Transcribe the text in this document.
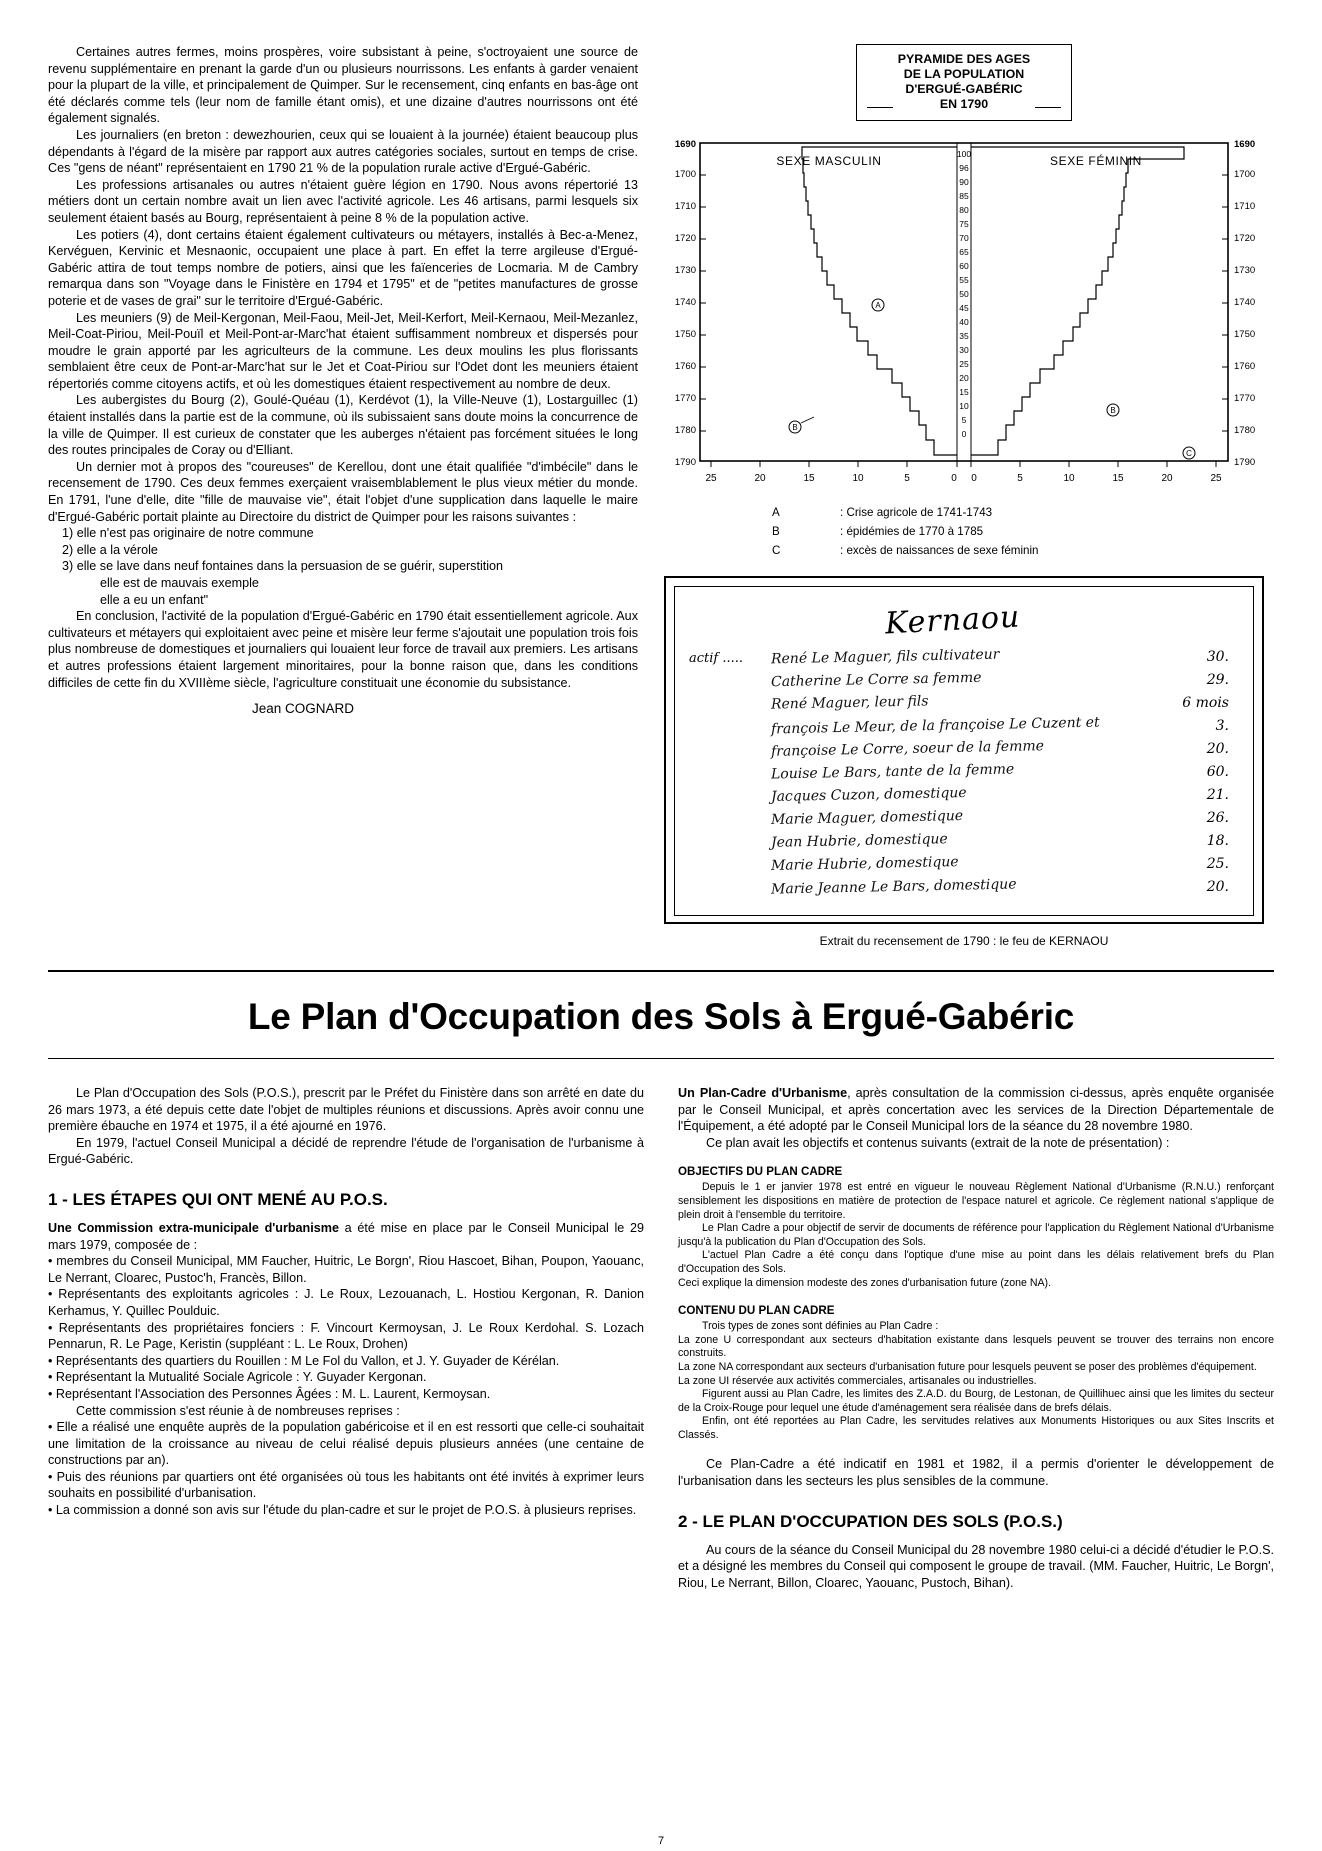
Certaines autres fermes, moins prospères, voire subsistant à peine, s'octroyaient une source de revenu supplémentaire en prenant la garde d'un ou plusieurs nourrissons. Les enfants à garder venaient pour la plupart de la ville, et principalement de Quimper. Sur le recensement, cinq enfants en bas-âge ont été déclarés comme tels (leur nom de famille étant omis), et une dizaine d'autres nourrissons ont été également signalés.

Les journaliers (en breton : dewezhourien, ceux qui se louaient à la journée) étaient beaucoup plus dépendants à l'égard de la misère par rapport aux autres catégories sociales, surtout en temps de crise. Ces "gens de néant" représentaient en 1790 21 % de la population rurale active d'Ergué-Gabéric.

Les professions artisanales ou autres n'étaient guère légion en 1790. Nous avons répertorié 13 métiers dont un certain nombre avait un lien avec l'activité agricole. Les 46 artisans, parmi lesquels six seulement étaient basés au Bourg, représentaient à peine 8 % de la population active.

Les potiers (4), dont certains étaient également cultivateurs ou métayers, installés à Bec-a-Menez, Kervéguen, Kervinic et Mesnaonic, occupaient une place à part. En effet la terre argileuse d'Ergué-Gabéric attira de tout temps nombre de potiers, ainsi que les faïenceries de Locmaria. M de Cambry remarqua dans son "Voyage dans le Finistère en 1794 et 1795" et de "petites manufactures de grosse poterie et de vases de grai" sur le territoire d'Ergué-Gabéric.

Les meuniers (9) de Meil-Kergonan, Meil-Faou, Meil-Jet, Meil-Kerfort, Meil-Kernaou, Meil-Mezanlez, Meil-Coat-Piriou, Meil-Pouïl et Meil-Pont-ar-Marc'hat étaient suffisamment nombreux et dispersés pour moudre le grain apporté par les agriculteurs de la commune. Les deux moulins les plus florissants semblaient être ceux de Pont-ar-Marc'hat sur le Jet et Coat-Piriou sur l'Odet dont les meuniers étaient répertoriés comme citoyens actifs, et où les domestiques étaient respectivement au nombre de deux.

Les aubergistes du Bourg (2), Goulé-Quéau (1), Kerdévot (1), la Ville-Neuve (1), Lostarguillec (1) étaient installés dans la partie est de la commune, où ils subissaient sans doute moins la concurrence de la ville de Quimper. Il est curieux de constater que les auberges n'étaient pas forcément situées le long des routes principales de Coray ou d'Elliant.

Un dernier mot à propos des "coureuses" de Kerellou, dont une était qualifiée "d'imbécile" dans le recensement de 1790. Ces deux femmes exerçaient vraisemblablement le plus vieux métier du monde. En 1791, l'une d'elle, dite "fille de mauvaise vie", était l'objet d'une supplication dans laquelle le maire d'Ergué-Gabéric portait plainte au Directoire du district de Quimper pour les raisons suivantes :

1) elle n'est pas originaire de notre commune

2) elle a la vérole

3) elle se lave dans neuf fontaines dans la persuasion de se guérir, superstition

elle est de mauvais exemple

elle a eu un enfant"

En conclusion, l'activité de la population d'Ergué-Gabéric en 1790 était essentiellement agricole. Aux cultivateurs et métayers qui exploitaient avec peine et misère leur ferme s'ajoutait une population trois fois plus nombreuse de domestiques et journaliers qui louaient leur force de travail aux premiers. Les artisans et autres professions étaient largement minoritaires, pour la bonne raison que, dans les conditions difficiles de cette fin du XVIIIème siècle, l'agriculture constituait une économie du subsistance.

Jean COGNARD

PYRAMIDE DES AGES
DE LA POPULATION
D'ERGUÉ-GABÉRIC
EN 1790
SEXE MASCULIN	SEXE FÉMININ
100
96
90
85
80
75
70
65
60
55
50
45
40
35
30
25
20
15
10
5
0
1690
1700
1710
1720
1730
1740
1750
1760
1770
1780
1790
1690
1700
1710
1720
1730
1740
1750
1760
1770
1780
1790
25	20	15	10	5	0 0	5	10	15	20	25
A
B
B
C
A	: Crise agricole de 1741-1743
B	: épidémies de 1770 à 1785
C	: excès de naissances de sexe féminin
Kernaou
actif ..... René Le Maguer, fils cultivateur	30.
Catherine Le Corre sa femme	29.
René Maguer, leur fils	6 mois
françois Le Meur, de la françoise Le Cuzent et	3.
françoise Le Corre, soeur de la femme	20.
Louise Le Bars, tante de la femme	60.
Jacques Cuzon, domestique	21.
Marie Maguer, domestique	26.
Jean Hubrie, domestique	18.
Marie Hubrie, domestique	25.
Marie Jeanne Le Bars, domestique	20.
Extrait du recensement de 1790 : le feu de KERNAOU
Le Plan d'Occupation des Sols à Ergué-Gabéric

Le Plan d'Occupation des Sols (P.O.S.), prescrit par le Préfet du Finistère dans son arrêté en date du 26 mars 1973, a été depuis cette date l'objet de multiples réunions et discussions. Après avoir connu une première ébauche en 1974 et 1975, il a été ajourné en 1976.

En 1979, l'actuel Conseil Municipal a décidé de reprendre l'étude de l'organisation de l'urbanisme à Ergué-Gabéric.

1 - LES ÉTAPES QUI ONT MENÉ AU P.O.S.

Une Commission extra-municipale d'urbanisme a été mise en place par le Conseil Municipal le 29 mars 1979, composée de :

• membres du Conseil Municipal, MM Faucher, Huitric, Le Borgn', Riou Hascoet, Bihan, Poupon, Yaouanc, Le Nerrant, Cloarec, Pustoc'h, Francès, Billon.

• Représentants des exploitants agricoles : J. Le Roux, Lezouanach, L. Hostiou Kergonan, R. Danion Kerhamus, Y. Quillec Poulduic.

• Représentants des propriétaires fonciers : F. Vincourt Kermoysan, J. Le Roux Kerdohal. S. Lozach Pennarun, R. Le Page, Keristin (suppléant : L. Le Roux, Drohen)

• Représentants des quartiers du Rouillen : M Le Fol du Vallon, et J. Y. Guyader de Kérélan.

• Représentant la Mutualité Sociale Agricole : Y. Guyader Kergonan.

• Représentant l'Association des Personnes Âgées : M. L. Laurent, Kermoysan.

Cette commission s'est réunie à de nombreuses reprises :

• Elle a réalisé une enquête auprès de la population gabéricoise et il en est ressorti que celle-ci souhaitait une limitation de la croissance au niveau de celui réalisé depuis plusieurs années (une centaine de constructions par an).

• Puis des réunions par quartiers ont été organisées où tous les habitants ont été invités à exprimer leurs souhaits en possibilité d'urbanisation.

• La commission a donné son avis sur l'étude du plan-cadre et sur le projet de P.O.S. à plusieurs reprises.

Un Plan-Cadre d'Urbanisme, après consultation de la commission ci-dessus, après enquête organisée par le Conseil Municipal, et après concertation avec les services de la Direction Départementale de l'Équipement, a été adopté par le Conseil Municipal lors de la séance du 28 novembre 1980.

Ce plan avait les objectifs et contenus suivants (extrait de la note de présentation) :

OBJECTIFS DU PLAN CADRE

Depuis le 1 er janvier 1978 est entré en vigueur le nouveau Règlement National d'Urbanisme (R.N.U.) renforçant sensiblement les dispositions en matière de protection de l'espace naturel et agricole. Ce règlement national s'applique de plein droit à l'ensemble du territoire.

Le Plan Cadre a pour objectif de servir de documents de référence pour l'application du Règlement National d'Urbanisme jusqu'à la publication du Plan d'Occupation des Sols.

L'actuel Plan Cadre a été conçu dans l'optique d'une mise au point dans les délais relativement brefs du Plan d'Occupation des Sols.

Ceci explique la dimension modeste des zones d'urbanisation future (zone NA).

CONTENU DU PLAN CADRE

Trois types de zones sont définies au Plan Cadre :

La zone U correspondant aux secteurs d'habitation existante dans lesquels peuvent se trouver des terrains non encore construits.

La zone NA correspondant aux secteurs d'urbanisation future pour lesquels peuvent se poser des problèmes d'équipement.

La zone UI réservée aux activités commerciales, artisanales ou industrielles.

Figurent aussi au Plan Cadre, les limites des Z.A.D. du Bourg, de Lestonan, de Quillihuec ainsi que les limites du secteur de la Croix-Rouge pour lequel une étude d'aménagement sera réalisée dans de brefs délais.

Enfin, ont été reportées au Plan Cadre, les servitudes relatives aux Monuments Historiques ou aux Sites Inscrits et Classés.

Ce Plan-Cadre a été indicatif en 1981 et 1982, il a permis d'orienter le développement de l'urbanisation dans les secteurs les plus sensibles de la commune.

2 - LE PLAN D'OCCUPATION DES SOLS (P.O.S.)

Au cours de la séance du Conseil Municipal du 28 novembre 1980 celui-ci a décidé d'étudier le P.O.S. et a désigné les membres du Conseil qui composent le groupe de travail. (MM. Faucher, Huitric, Le Borgn', Riou, Le Nerrant, Billon, Cloarec, Yaouanc, Pustoch, Bihan).

7
